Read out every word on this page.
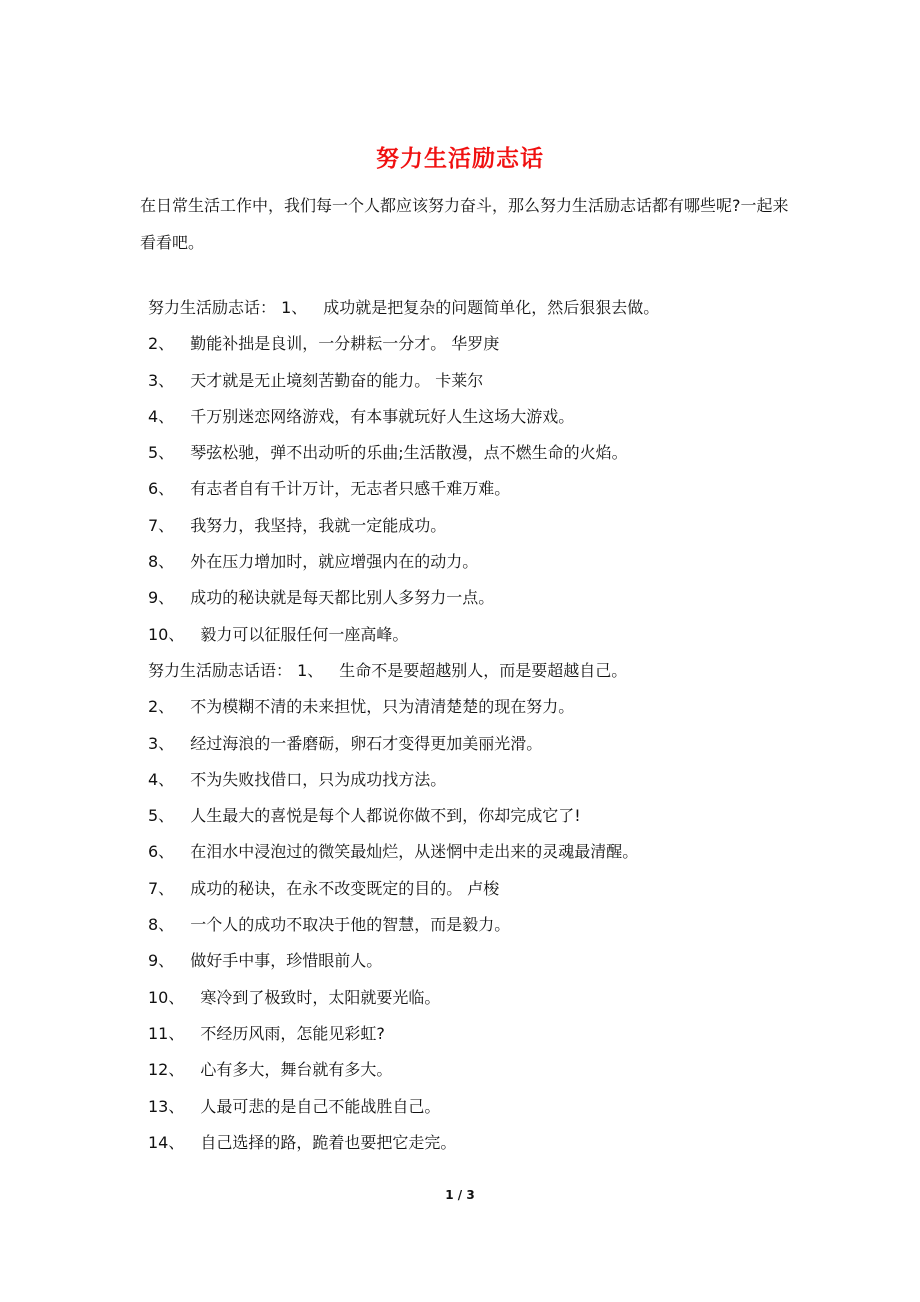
努力生活励志话
在日常生活工作中，我们每一个人都应该努力奋斗，那么努力生活励志话都有哪些呢?一起来看看吧。
努力生活励志话： 1、 成功就是把复杂的问题简单化，然后狠狠去做。
2、 勤能补拙是良训，一分耕耘一分才。 华罗庚
3、 天才就是无止境刻苦勤奋的能力。 卡莱尔
4、 千万别迷恋网络游戏，有本事就玩好人生这场大游戏。
5、 琴弦松驰，弹不出动听的乐曲;生活散漫，点不燃生命的火焰。
6、 有志者自有千计万计，无志者只感千难万难。
7、 我努力，我坚持，我就一定能成功。
8、 外在压力增加时，就应增强内在的动力。
9、 成功的秘诀就是每天都比别人多努力一点。
10、 毅力可以征服任何一座高峰。
努力生活励志话语： 1、 生命不是要超越别人，而是要超越自己。
2、 不为模糊不清的未来担忧，只为清清楚楚的现在努力。
3、 经过海浪的一番磨砺，卵石才变得更加美丽光滑。
4、 不为失败找借口，只为成功找方法。
5、 人生最大的喜悦是每个人都说你做不到，你却完成它了!
6、 在泪水中浸泡过的微笑最灿烂，从迷惘中走出来的灵魂最清醒。
7、 成功的秘诀，在永不改变既定的目的。 卢梭
8、 一个人的成功不取决于他的智慧，而是毅力。
9、 做好手中事，珍惜眼前人。
10、 寒冷到了极致时，太阳就要光临。
11、 不经历风雨，怎能见彩虹?
12、 心有多大，舞台就有多大。
13、 人最可悲的是自己不能战胜自己。
14、 自己选择的路，跪着也要把它走完。
1 / 3
